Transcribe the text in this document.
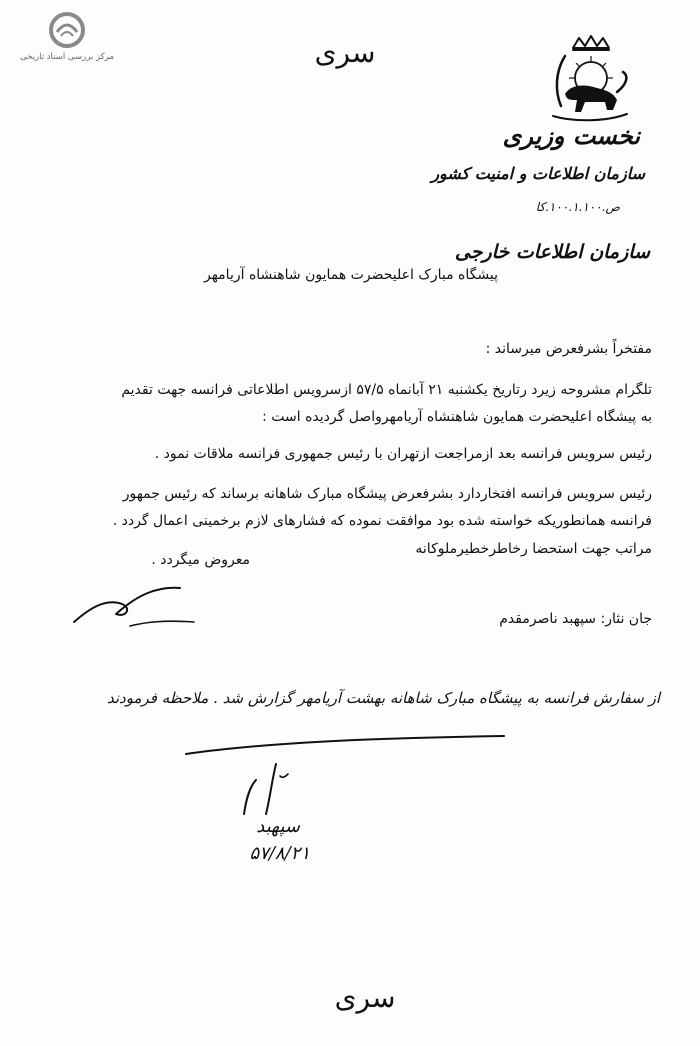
مرکز بررسی اسناد تاریخی	سری
نخست وزیری
سازمان اطلاعات و امنیت کشور
ص.۱۰۰.۱.۱۰۰.کا
سازمان اطلاعات خارجی
پیشگاه مبارک اعلیحضرت همایون شاهنشاه آریامهر
مفتخراً بشرفعرض میرساند :
تلگرام مشروحه زیرد رتاریخ یکشنبه ۲۱ آبانماه ۵۷/۵ ازسرویس اطلاعاتی فرانسه جهت تقدیم
به پیشگاه اعلیحضرت همایون شاهنشاه آریامهرواصل گردیده است :
رئیس سرویس فرانسه بعد ازمراجعت ازتهران با رئیس جمهوری فرانسه ملاقات نمود .
رئیس سرویس فرانسه افتخاردارد بشرفعرض پیشگاه مبارک شاهانه برساند که رئیس جمهور
فرانسه همانطوریکه خواسته شده بود موافقت نموده که فشارهای لازم برخمینی اعمال گردد .
مراتب جهت استحضا رخاطرخطیرملوکانه
معروض میگردد .
جان نثار: سپهبد ناصرمقدم
از سفارش فرانسه به پیشگاه مبارک شاهانه بهشت آریامهر گزارش شد . ملاحظه فرمودند
سپهبد
۵۷/۸/۲۱
سری
